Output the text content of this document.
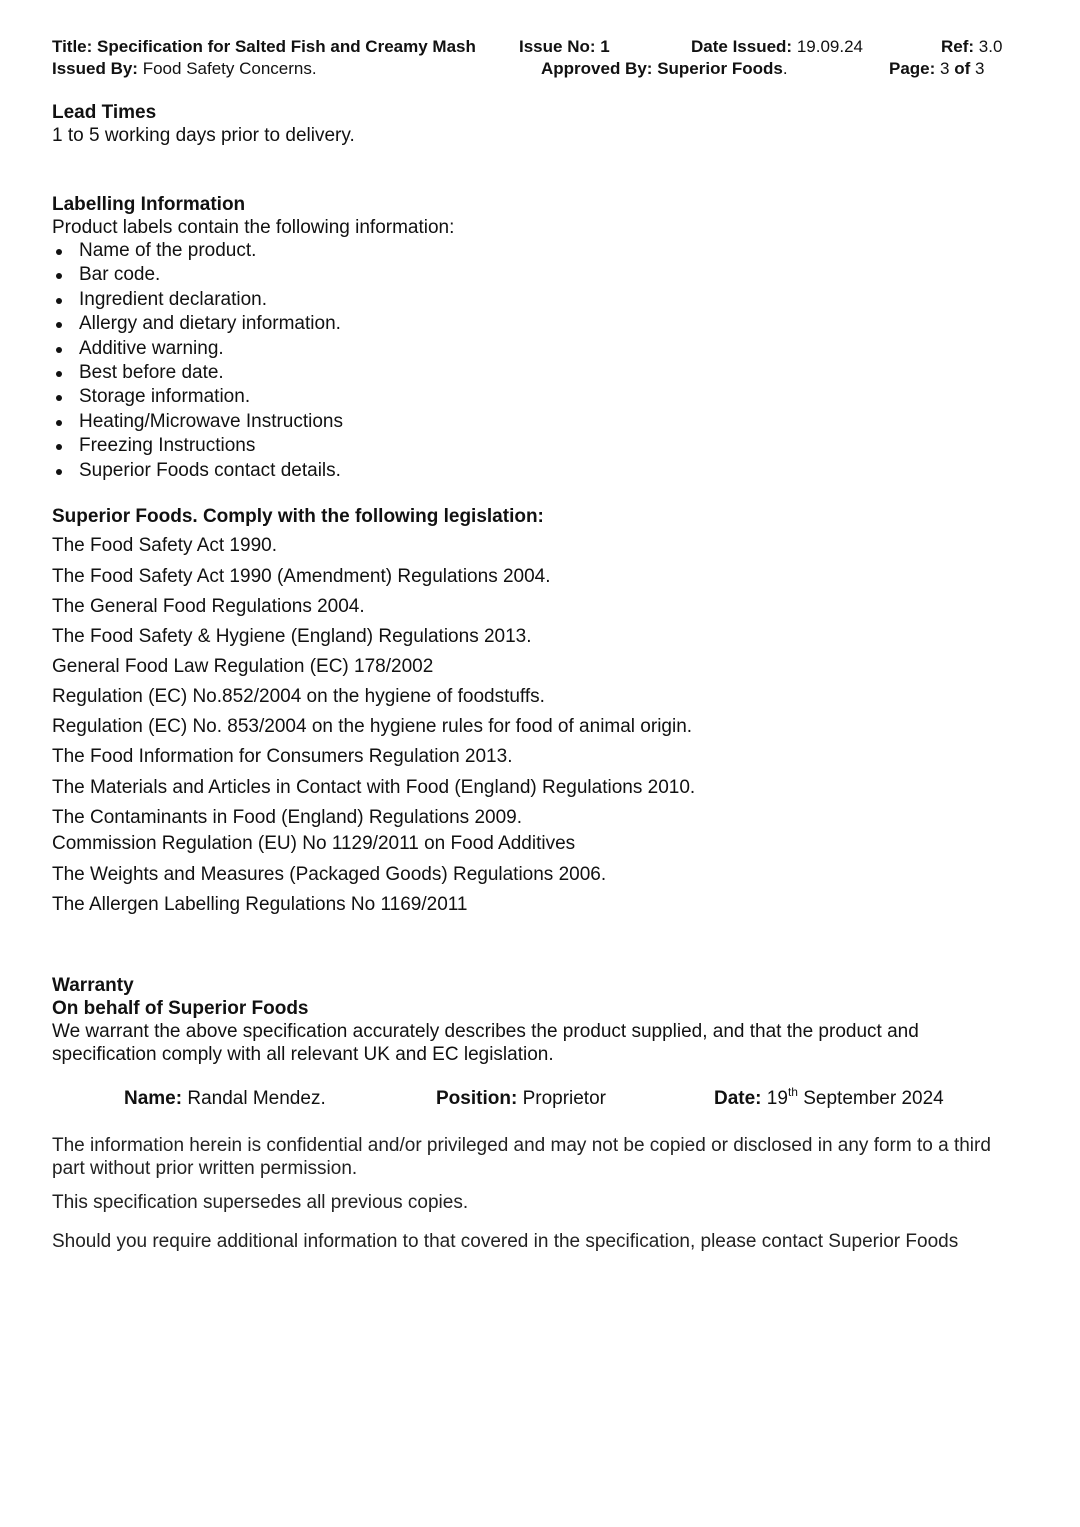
Title: Specification for Salted Fish and Creamy Mash	Issue No: 1	Date Issued: 19.09.24	Ref: 3.0
Issued By: Food Safety Concerns.	Approved By: Superior Foods.	Page: 3 of 3
Lead Times
1 to 5 working days prior to delivery.
Labelling Information
Product labels contain the following information:
Name of the product.
Bar code.
Ingredient declaration.
Allergy and dietary information.
Additive warning.
Best before date.
Storage information.
Heating/Microwave Instructions
Freezing Instructions
Superior Foods contact details.
Superior Foods. Comply with the following legislation:
The Food Safety Act 1990.
The Food Safety Act 1990 (Amendment) Regulations 2004.
The General Food Regulations 2004.
The Food Safety & Hygiene (England) Regulations 2013.
General Food Law Regulation (EC) 178/2002
Regulation (EC) No.852/2004 on the hygiene of foodstuffs.
Regulation (EC) No. 853/2004 on the hygiene rules for food of animal origin.
The Food Information for Consumers Regulation 2013.
The Materials and Articles in Contact with Food (England) Regulations 2010.
The Contaminants in Food (England) Regulations 2009.
Commission Regulation (EU) No 1129/2011 on Food Additives
The Weights and Measures (Packaged Goods) Regulations 2006.
The Allergen Labelling Regulations No 1169/2011
Warranty
On behalf of Superior Foods
We warrant the above specification accurately describes the product supplied, and that the product and specification comply with all relevant UK and EC legislation.
Name: Randal Mendez.	Position: Proprietor	Date: 19th September 2024
The information herein is confidential and/or privileged and may not be copied or disclosed in any form to a third part without prior written permission.
This specification supersedes all previous copies.
Should you require additional information to that covered in the specification, please contact Superior Foods
